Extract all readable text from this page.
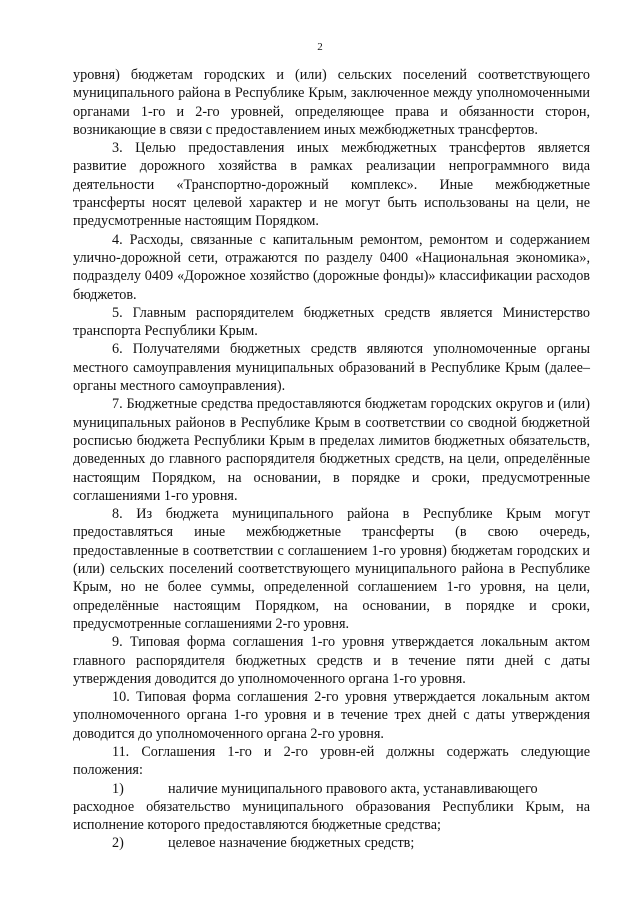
2

уровня) бюджетам городских и (или) сельских поселений соответствующего муниципального района в Республике Крым, заключенное между уполномоченными органами 1-го и 2-го уровней, определяющее права и обязанности сторон, возникающие в связи с предоставлением иных межбюджетных трансфертов.

3. Целью предоставления иных межбюджетных трансфертов является развитие дорожного хозяйства в рамках реализации непрограммного вида деятельности «Транспортно-дорожный комплекс». Иные межбюджетные трансферты носят целевой характер и не могут быть использованы на цели, не предусмотренные настоящим Порядком.

4. Расходы, связанные с капитальным ремонтом, ремонтом и содержанием улично-дорожной сети, отражаются по разделу 0400 «Национальная экономика», подразделу 0409 «Дорожное хозяйство (дорожные фонды)» классификации расходов бюджетов.

5. Главным распорядителем бюджетных средств является Министерство транспорта Республики Крым.

6. Получателями бюджетных средств являются уполномоченные органы местного самоуправления муниципальных образований в Республике Крым (далее–органы местного самоуправления).

7. Бюджетные средства предоставляются бюджетам городских округов и (или) муниципальных районов в Республике Крым в соответствии со сводной бюджетной росписью бюджета Республики Крым в пределах лимитов бюджетных обязательств, доведенных до главного распорядителя бюджетных средств, на цели, определённые настоящим Порядком, на основании, в порядке и сроки, предусмотренные соглашениями 1-го уровня.

8. Из бюджета муниципального района в Республике Крым могут предоставляться иные межбюджетные трансферты (в свою очередь, предоставленные в соответствии с соглашением 1-го уровня) бюджетам городских и (или) сельских поселений соответствующего муниципального района в Республике Крым, но не более суммы, определенной соглашением 1-го уровня, на цели, определённые настоящим Порядком, на основании, в порядке и сроки, предусмотренные соглашениями 2-го уровня.

9. Типовая форма соглашения 1-го уровня утверждается локальным актом главного распорядителя бюджетных средств и в течение пяти дней с даты утверждения доводится до уполномоченного органа 1-го уровня.

10. Типовая форма соглашения 2-го уровня утверждается локальным актом уполномоченного органа 1-го уровня и в течение трех дней с даты утверждения доводится до уполномоченного органа 2-го уровня.

11. Соглашения 1-го и 2-го уровн-ей должны содержать следующие положения:

1)	наличие муниципального правового акта, устанавливающего

расходное обязательство муниципального образования Республики Крым, на исполнение которого предоставляются бюджетные средства;

2)	целевое назначение бюджетных средств;
